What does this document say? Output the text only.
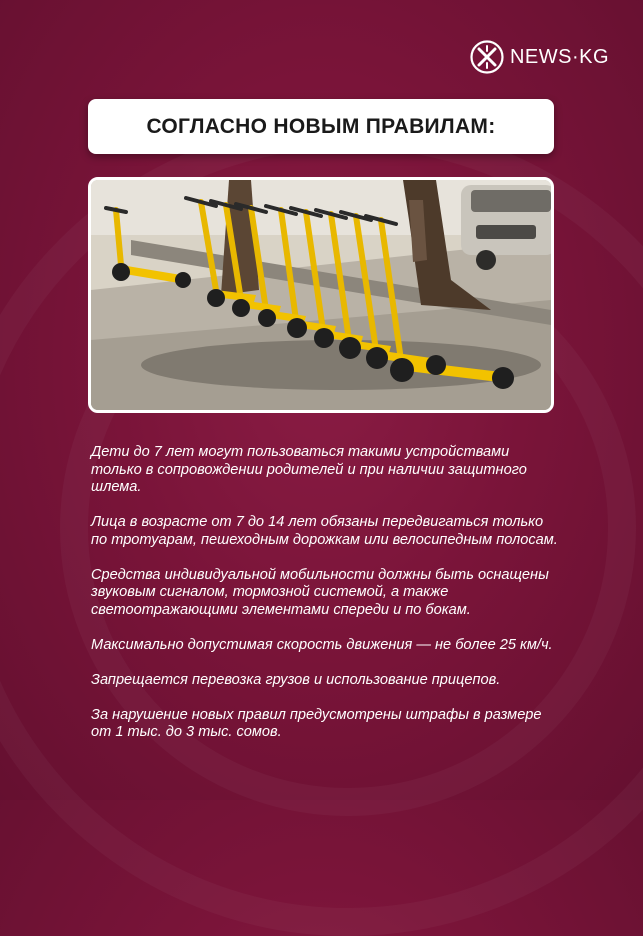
NEWS·KG
СОГЛАСНО НОВЫМ ПРАВИЛАМ:

Дети до 7 лет могут пользоваться такими устройствами только в сопровождении родителей и при наличии защитного шлема.

Лица в возрасте от 7 до 14 лет обязаны передвигаться только по тротуарам, пешеходным дорожкам или велосипедным полосам.

Средства индивидуальной мобильности должны быть оснащены звуковым сигналом, тормозной системой, а также светоотражающими элементами спереди и по бокам.

Максимально допустимая скорость движения — не более 25 км/ч.

Запрещается перевозка грузов и использование прицепов.

За нарушение новых правил предусмотрены штрафы в размере от 1 тыс. до 3 тыс. сомов.
